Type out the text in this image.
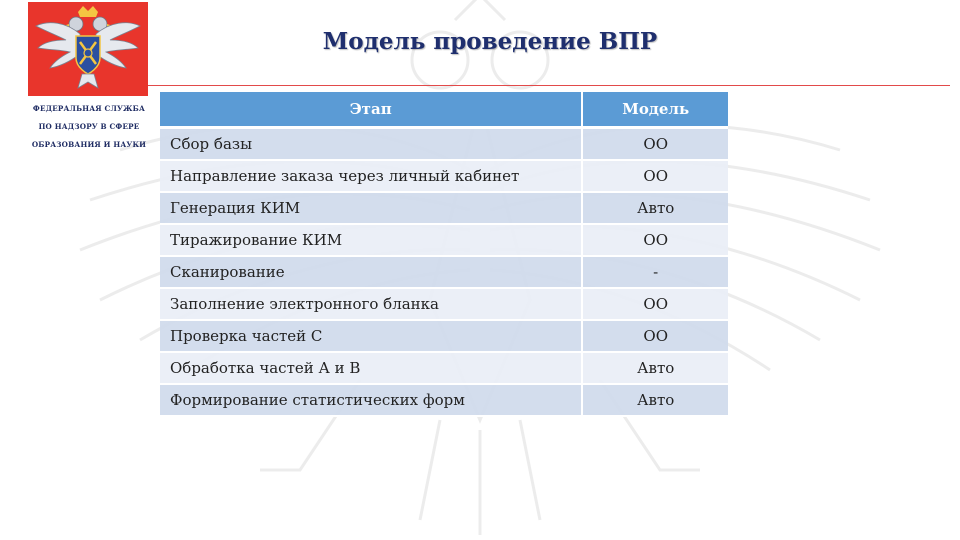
ФЕДЕРАЛЬНАЯ СЛУЖБА
ПО НАДЗОРУ В СФЕРЕ
ОБРАЗОВАНИЯ И НАУКИ
Модель проведение ВПР
Этап	Модель
Сбор базы	ОО
Направление заказа через личный кабинет	ОО
Генерация КИМ	Авто
Тиражирование КИМ	ОО
Сканирование	-
Заполнение электронного бланка	ОО
Проверка частей С	ОО
Обработка частей А и В	Авто
Формирование статистических форм	Авто
